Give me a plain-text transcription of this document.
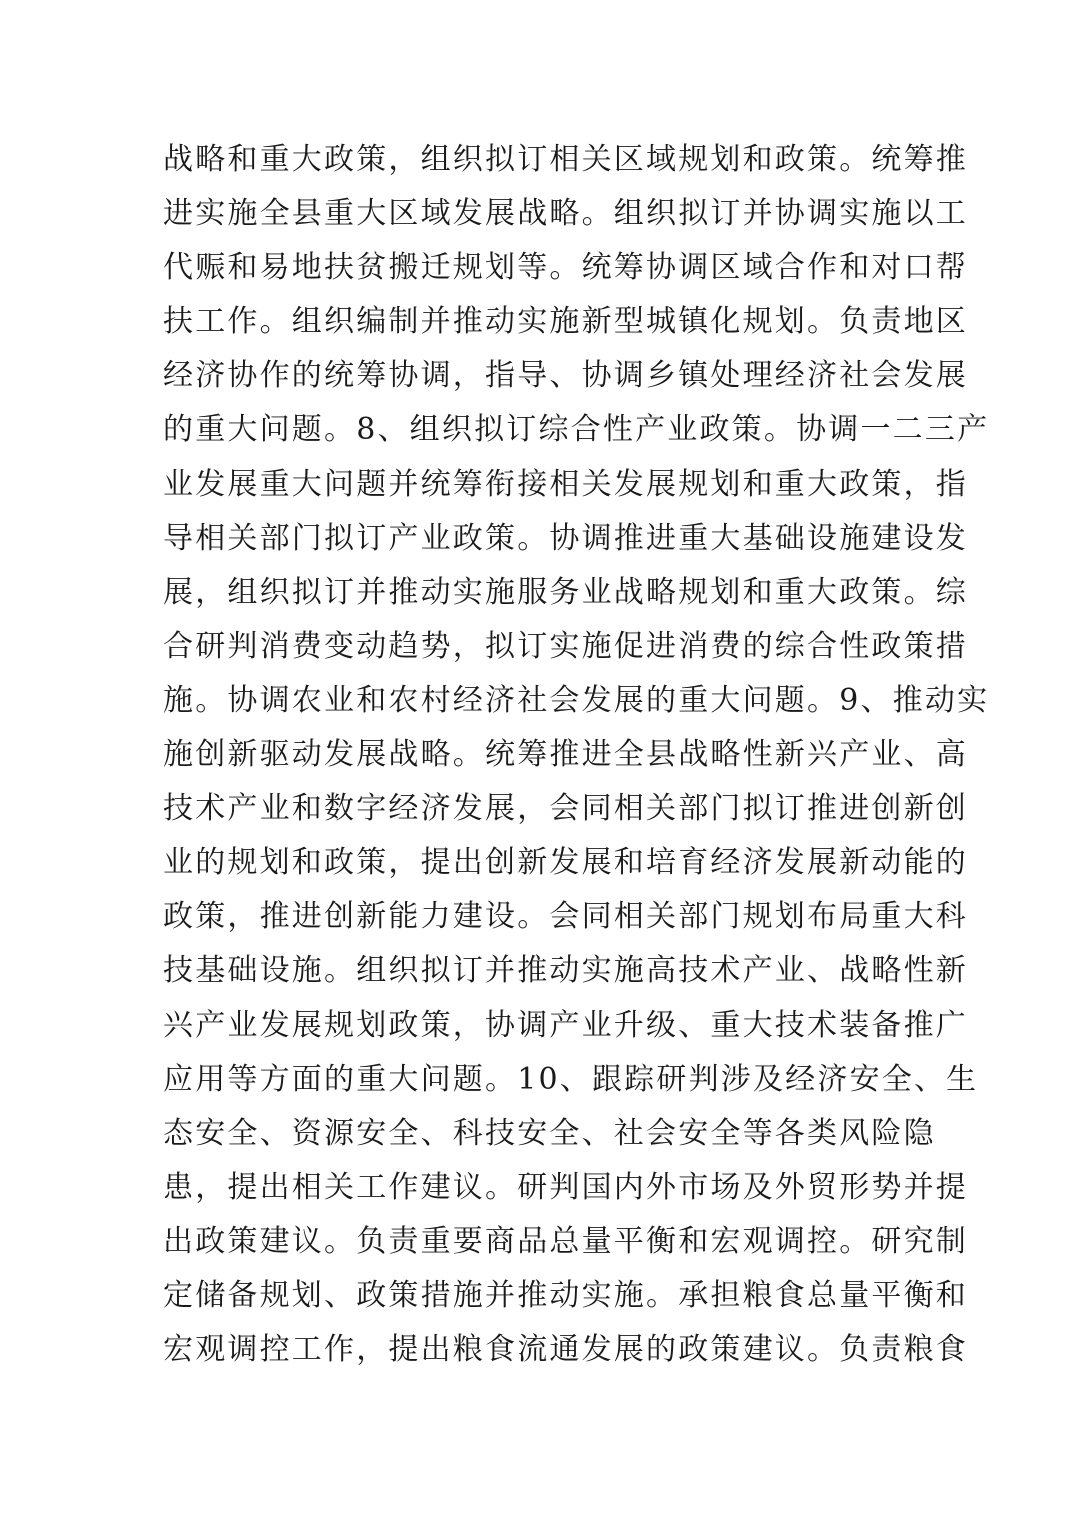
战略和重大政策，组织拟订相关区域规划和政策。统筹推
进实施全县重大区域发展战略。组织拟订并协调实施以工
代赈和易地扶贫搬迁规划等。统筹协调区域合作和对口帮
扶工作。组织编制并推动实施新型城镇化规划。负责地区
经济协作的统筹协调，指导、协调乡镇处理经济社会发展
的重大问题。8、组织拟订综合性产业政策。协调一二三产
业发展重大问题并统筹衔接相关发展规划和重大政策，指
导相关部门拟订产业政策。协调推进重大基础设施建设发
展，组织拟订并推动实施服务业战略规划和重大政策。综
合研判消费变动趋势，拟订实施促进消费的综合性政策措
施。协调农业和农村经济社会发展的重大问题。9、推动实
施创新驱动发展战略。统筹推进全县战略性新兴产业、高
技术产业和数字经济发展，会同相关部门拟订推进创新创
业的规划和政策，提出创新发展和培育经济发展新动能的
政策，推进创新能力建设。会同相关部门规划布局重大科
技基础设施。组织拟订并推动实施高技术产业、战略性新
兴产业发展规划政策，协调产业升级、重大技术装备推广
应用等方面的重大问题。10、跟踪研判涉及经济安全、生
态安全、资源安全、科技安全、社会安全等各类风险隐
患，提出相关工作建议。研判国内外市场及外贸形势并提
出政策建议。负责重要商品总量平衡和宏观调控。研究制
定储备规划、政策措施并推动实施。承担粮食总量平衡和
宏观调控工作，提出粮食流通发展的政策建议。负责粮食
